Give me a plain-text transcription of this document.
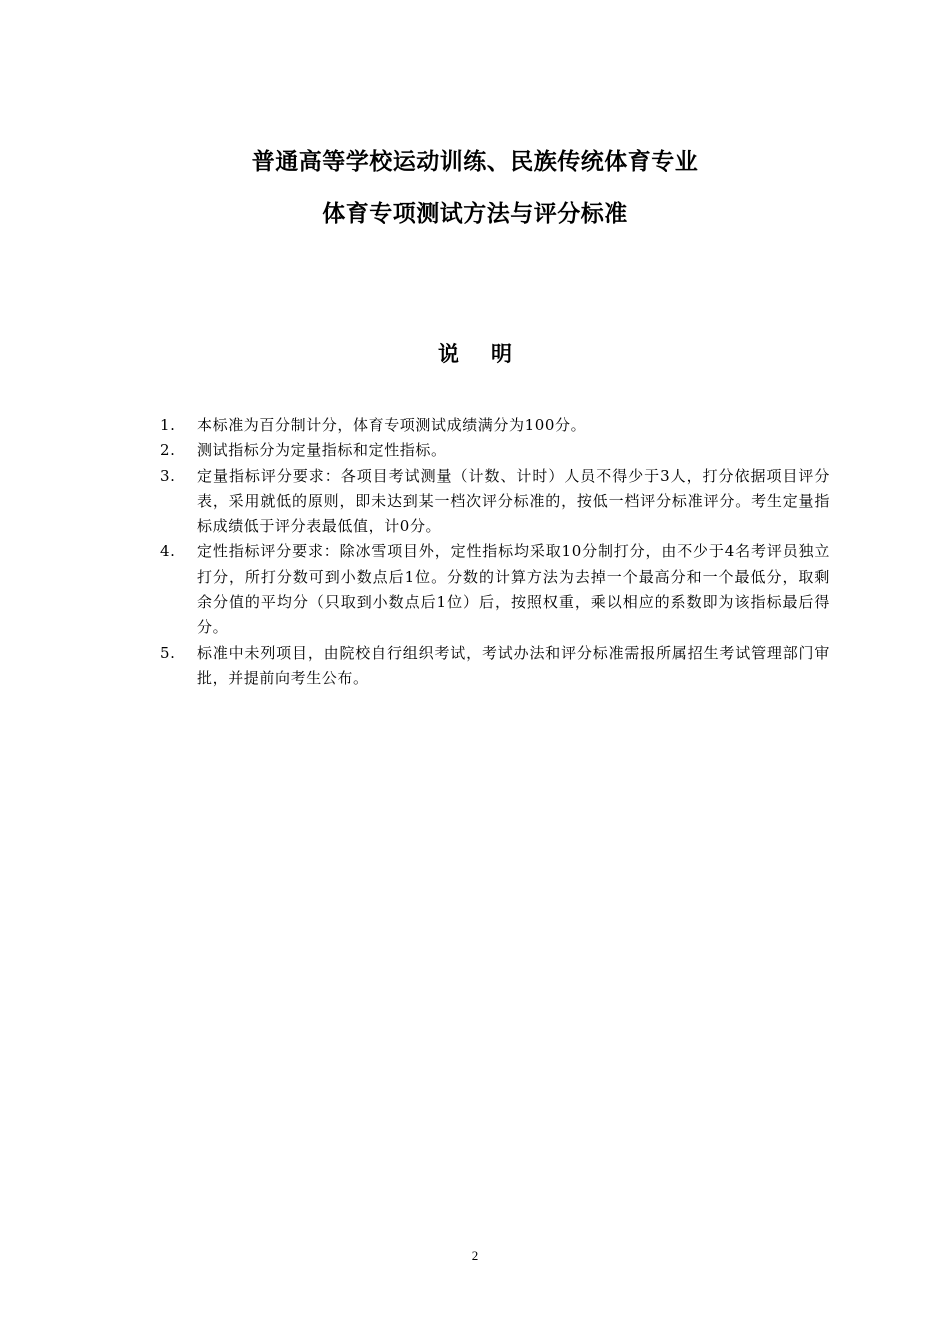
普通高等学校运动训练、民族传统体育专业
体育专项测试方法与评分标准
说明
1.	本标准为百分制计分，体育专项测试成绩满分为100分。
2.	测试指标分为定量指标和定性指标。
3.	定量指标评分要求：各项目考试测量（计数、计时）人员不得少于3人，打分依据项目评分表，采用就低的原则，即未达到某一档次评分标准的，按低一档评分标准评分。考生定量指标成绩低于评分表最低值，计0分。
4.	定性指标评分要求：除冰雪项目外，定性指标均采取10分制打分，由不少于4名考评员独立打分，所打分数可到小数点后1位。分数的计算方法为去掉一个最高分和一个最低分，取剩余分值的平均分（只取到小数点后1位）后，按照权重，乘以相应的系数即为该指标最后得分。
5.	标准中未列项目，由院校自行组织考试，考试办法和评分标准需报所属招生考试管理部门审批，并提前向考生公布。
2
